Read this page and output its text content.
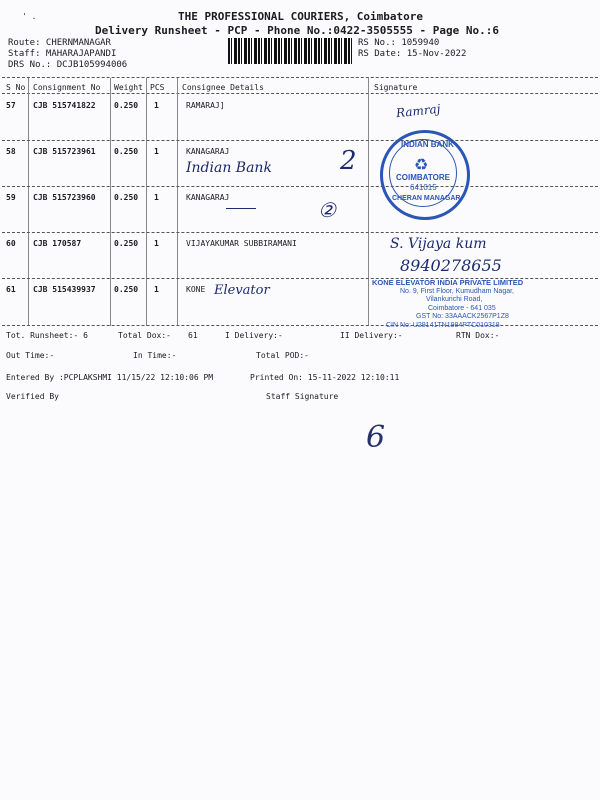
' .	THE PROFESSIONAL COURIERS, Coimbatore
Delivery Runsheet - PCP - Phone No.:0422-3505555 - Page No.:6
Route: CHERNMANAGAR
Staff: MAHARAJAPANDI
DRS No.: DCJB105994006
RS No.: 1059940
RS Date: 15-Nov-2022
S No Consignment No Weight PCS Consignee Details	Signature
57 CJB 515741822 0.250 1	RAMARAJ]
58 CJB 515723961 0.250 1	KANAGARAJ
59 CJB 515723960 0.250 1	KANAGARAJ
60 CJB 170587	0.250 1	VIJAYAKUMAR SUBBIRAMANI
61 CJB 515439937 0.250 1	KONE
Tot. Runsheet:- 6	Total Dox:- 61	I Delivery:-	II Delivery:-	RTN Dox:-
Out Time:-	In Time:-	Total POD:-
Entered By :PCPLAKSHMI 11/15/22 12:10:06 PM	Printed On: 15-11-2022 12:10:11
Verified By	Staff Signature
Ramraj
Indian Bank	2
②
S. Vijaya kum
8940278655
Elevator
6
INDIAN BANK
♻
COIMBATORE
641015
CHERAN MANAGAR
KONE ELEVATOR INDIA PRIVATE LIMITED
No. 9, First Floor, Kumudham Nagar,
Vilankurichi Road,
Coimbatore - 641 035
GST No: 33AAACK2567P1Z8
CIN No: U29141TN1984PTC010318
